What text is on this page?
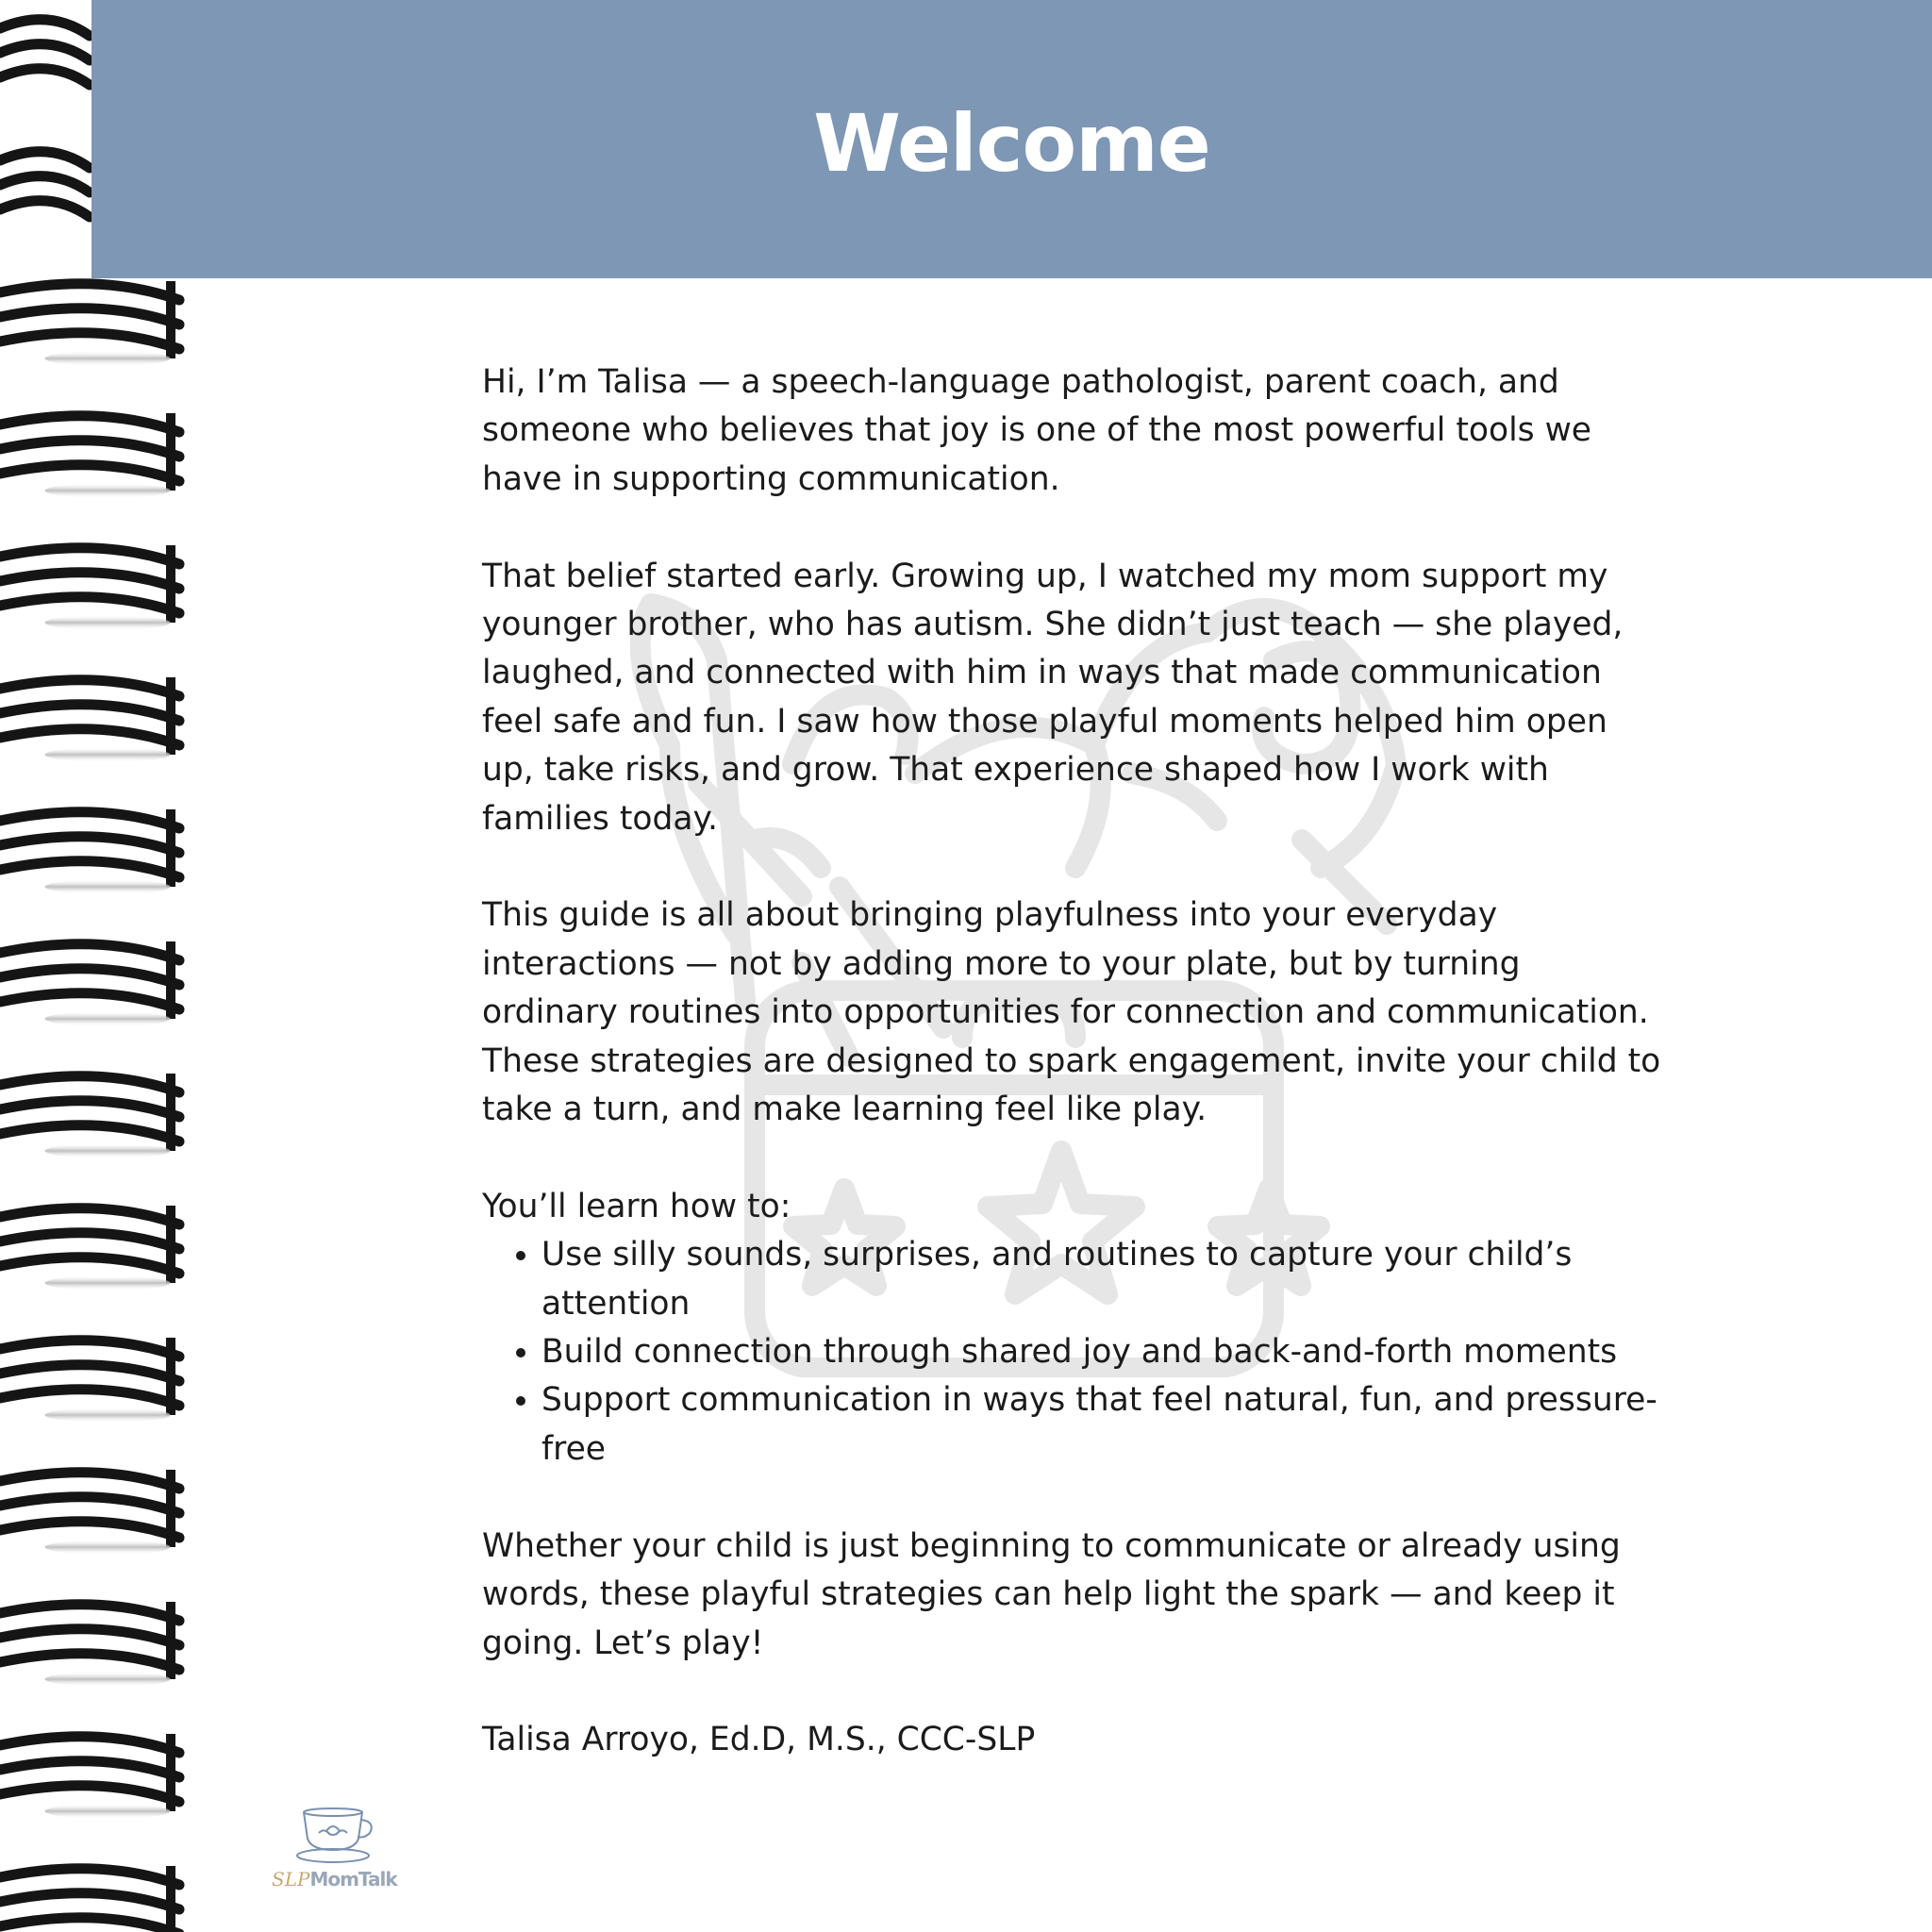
Welcome

Hi, I’m Talisa — a speech-language pathologist, parent coach, and someone who believes that joy is one of the most powerful tools we have in supporting communication.

That belief started early. Growing up, I watched my mom support my younger brother, who has autism. She didn’t just teach — she played, laughed, and connected with him in ways that made communication feel safe and fun. I saw how those playful moments helped him open up, take risks, and grow. That experience shaped how I work with families today.

This guide is all about bringing playfulness into your everyday interactions — not by adding more to your plate, but by turning ordinary routines into opportunities for connection and communication. These strategies are designed to spark engagement, invite your child to take a turn, and make learning feel like play.

You’ll learn how to:

• Use silly sounds, surprises, and routines to capture your child’s attention
• Build connection through shared joy and back-and-forth moments
• Support communication in ways that feel natural, fun, and pressure-free

Whether your child is just beginning to communicate or already using words, these playful strategies can help light the spark — and keep it going. Let’s play!

Talisa Arroyo, Ed.D, M.S., CCC-SLP

SLPMomTalk
